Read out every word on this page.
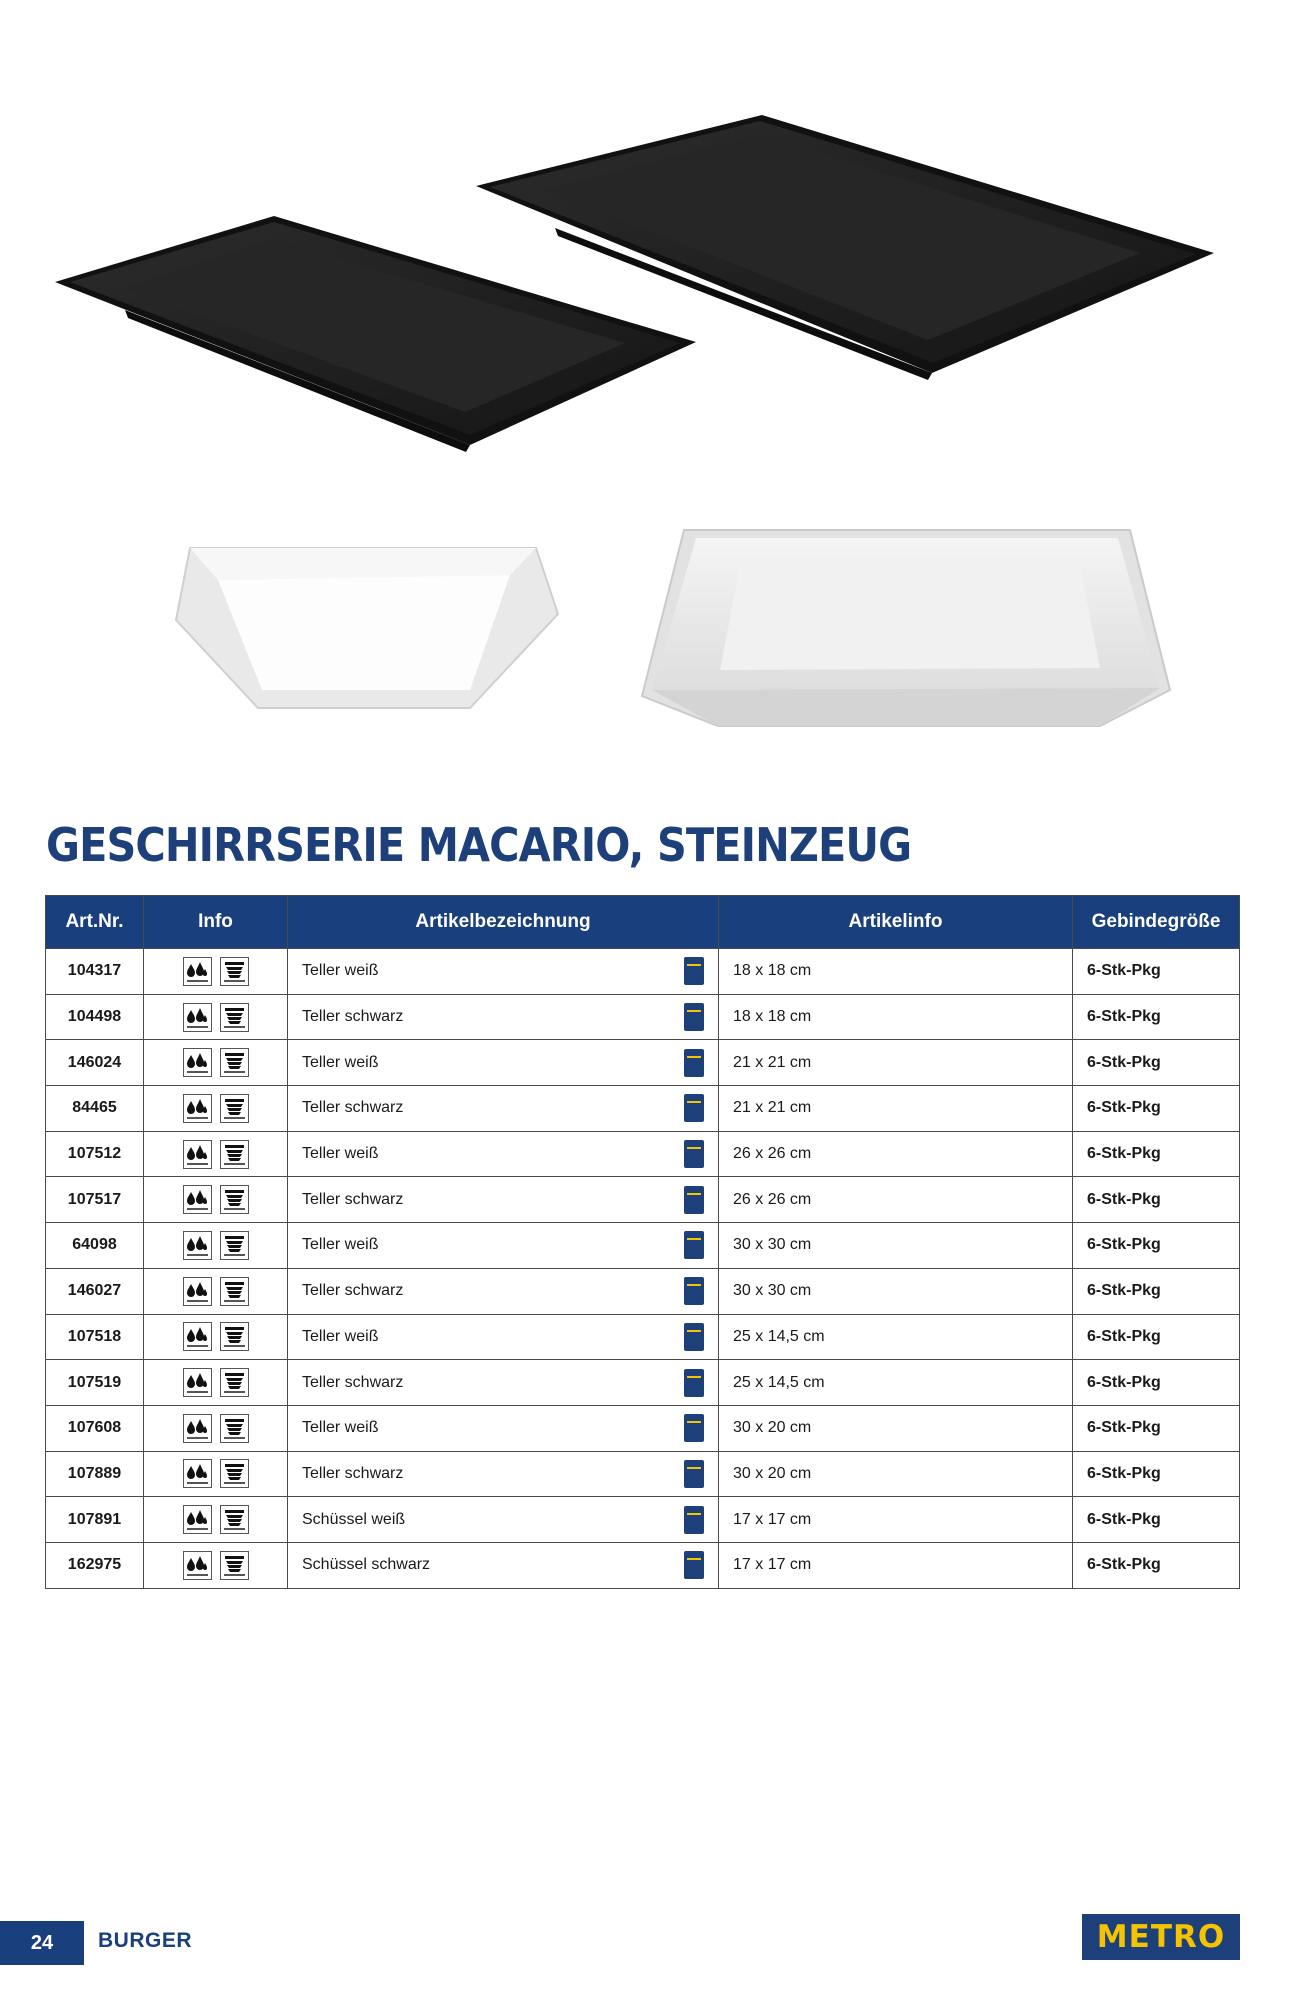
GESCHIRRSERIE MACARIO, STEINZEUG
Art.Nr.	Info	Artikelbezeichnung	Artikelinfo	Gebindegröße
104317		Teller weiß	18 x 18 cm	6-Stk-Pkg
104498		Teller schwarz	18 x 18 cm	6-Stk-Pkg
146024		Teller weiß	21 x 21 cm	6-Stk-Pkg
84465		Teller schwarz	21 x 21 cm	6-Stk-Pkg
107512		Teller weiß	26 x 26 cm	6-Stk-Pkg
107517		Teller schwarz	26 x 26 cm	6-Stk-Pkg
64098		Teller weiß	30 x 30 cm	6-Stk-Pkg
146027		Teller schwarz	30 x 30 cm	6-Stk-Pkg
107518		Teller weiß	25 x 14,5 cm	6-Stk-Pkg
107519		Teller schwarz	25 x 14,5 cm	6-Stk-Pkg
107608		Teller weiß	30 x 20 cm	6-Stk-Pkg
107889		Teller schwarz	30 x 20 cm	6-Stk-Pkg
107891		Schüssel weiß	17 x 17 cm	6-Stk-Pkg
162975		Schüssel schwarz	17 x 17 cm	6-Stk-Pkg
24 BURGER	METRO
